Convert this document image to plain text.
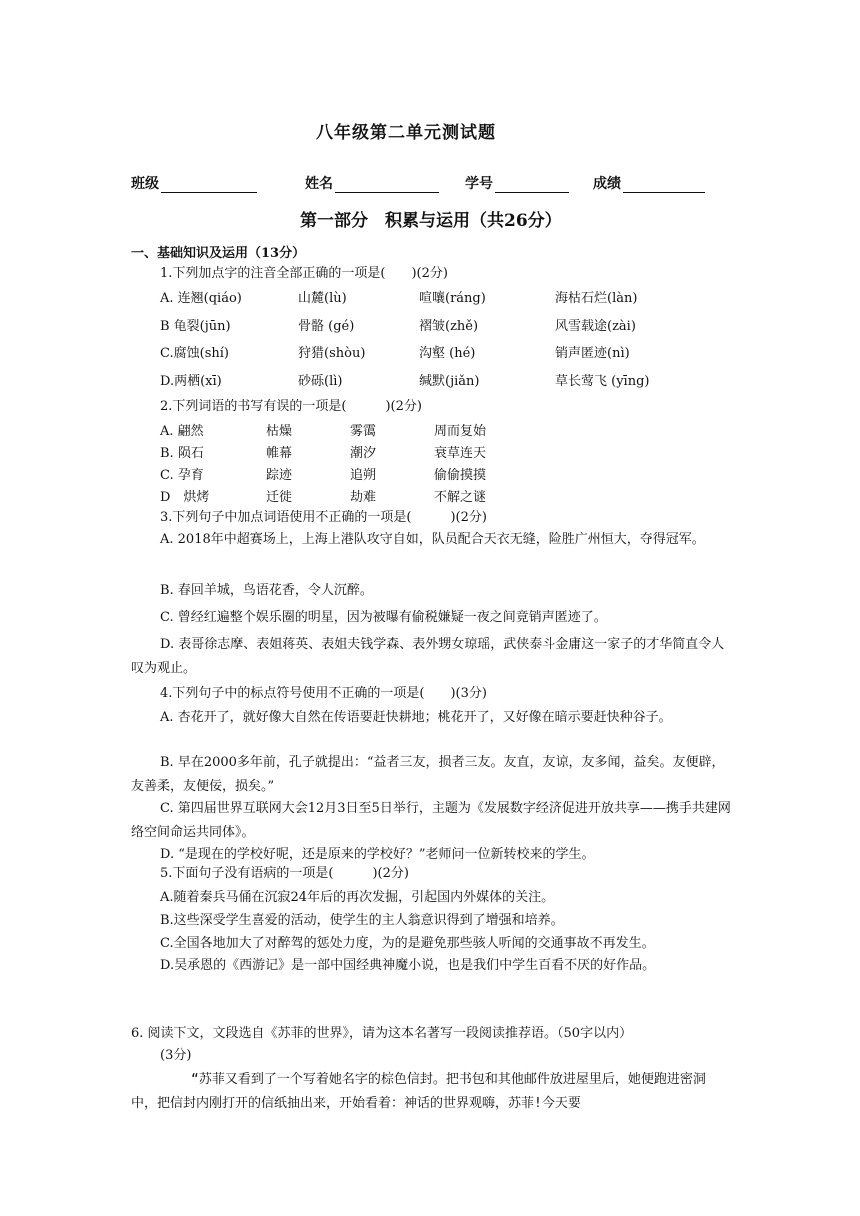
八年级第二单元测试题
班级	姓名	学号	成绩
第一部分　积累与运用（共26分）
一、基础知识及运用（13分）
1.下列加点字的注音全部正确的一项是(　　)(2分)
A. 连翘(qiáo)	山麓(lù)	喧嚷(ráng)	海枯石烂(làn)
B 龟裂(jūn)	骨骼 (gé)	褶皱(zhě)	风雪载途(zài)
C.腐蚀(shí)	狩猎(shòu)	沟壑 (hé)	销声匿迹(nì)
D.两栖(xī)	砂砾(lì)	缄默(jiǎn)	草长莺飞 (yīng)
2.下列词语的书写有误的一项是(　　　)(2分)
A. 翩然	枯燥	雾霭	周而复始
B. 陨石	帷幕	潮汐	衰草连天
C. 孕育	踪迹	追朔	偷偷摸摸
D　烘烤	迁徙	劫难	不解之谜
3.下列句子中加点词语使用不正确的一项是(　　　)(2分)
A. 2018年中超赛场上，上海上港队攻守自如，队员配合天衣无缝，险胜广州恒大，夺得冠军。
B. 春回羊城，鸟语花香，令人沉醉。
C. 曾经红遍整个娱乐圈的明星，因为被曝有偷税嫌疑一夜之间竟销声匿迹了。
D. 表哥徐志摩、表姐蒋英、表姐夫钱学森、表外甥女琼瑶，武侠泰斗金庸这一家子的才华简直令人叹为观止。
4.下列句子中的标点符号使用不正确的一项是(　　)(3分)
A. 杏花开了，就好像大自然在传语要赶快耕地；桃花开了，又好像在暗示要赶快种谷子。
B. 早在2000多年前，孔子就提出：“益者三友，损者三友。友直，友谅，友多闻，益矣。友便辟，友善柔，友便佞，损矣。”
C. 第四届世界互联网大会12月3日至5日举行，主题为《发展数字经济促进开放共享——携手共建网络空间命运共同体》。
D. “是现在的学校好呢，还是原来的学校好？”老师问一位新转校来的学生。
5.下面句子没有语病的一项是(　　　)(2分)
A.随着秦兵马俑在沉寂24年后的再次发掘，引起国内外媒体的关注。
B.这些深受学生喜爱的活动，使学生的主人翁意识得到了增强和培养。
C.全国各地加大了对醉驾的惩处力度，为的是避免那些骇人听闻的交通事故不再发生。
D.吴承恩的《西游记》是一部中国经典神魔小说，也是我们中学生百看不厌的好作品。
6. 阅读下文，文段选自《苏菲的世界》，请为这本名著写一段阅读推荐语。（50字以内）
(3分)
“苏菲又看到了一个写着她名字的棕色信封。把书包和其他邮件放进屋里后，她便跑进密洞中，把信封内刚打开的信纸抽出来，开始看着：神话的世界观嗨，苏菲!今天要
